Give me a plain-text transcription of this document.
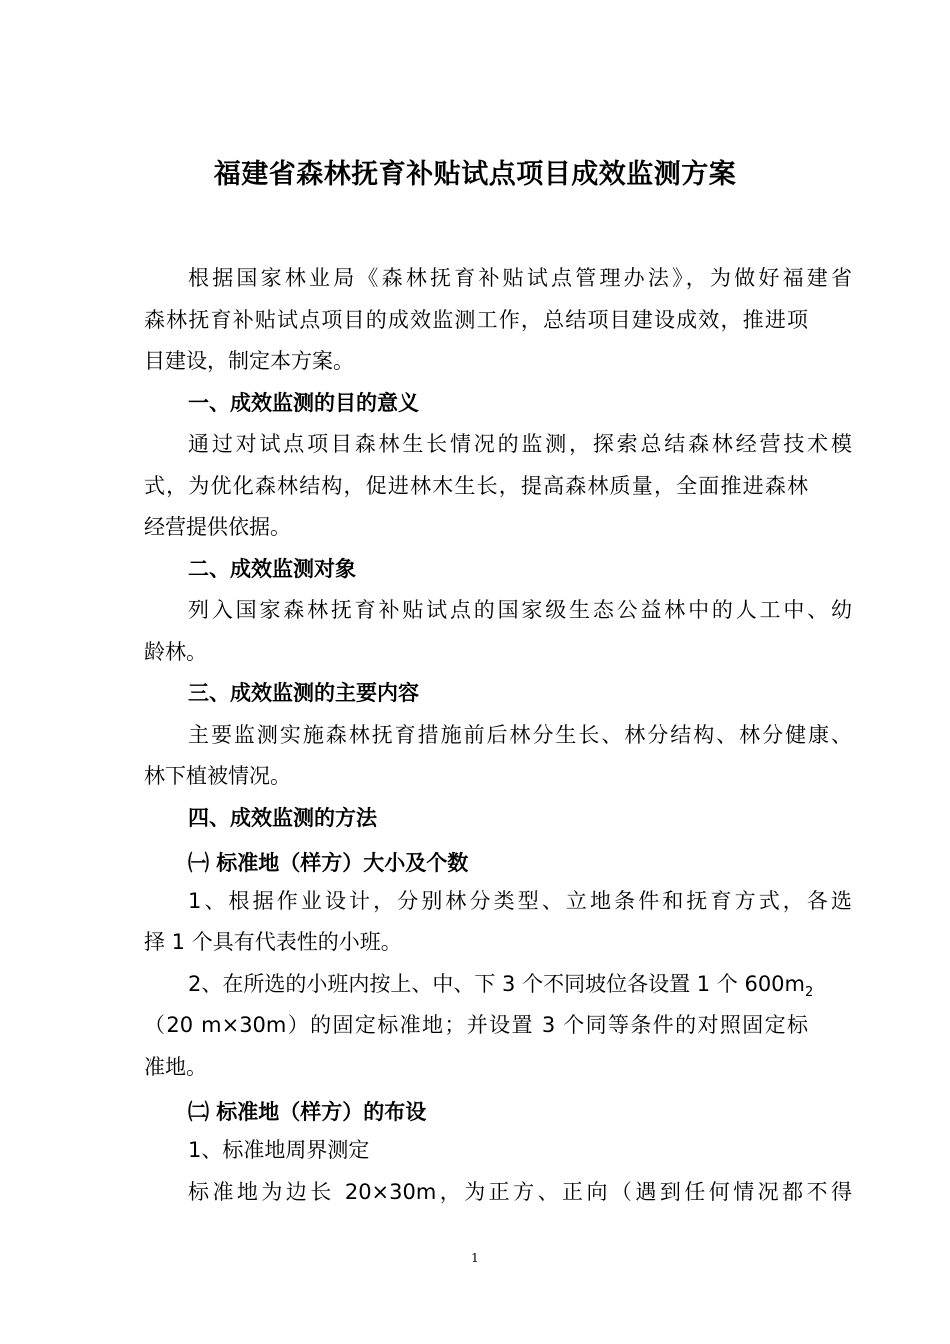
福建省森林抚育补贴试点项目成效监测方案
根据国家林业局《森林抚育补贴试点管理办法》，为做好福建省
森林抚育补贴试点项目的成效监测工作，总结项目建设成效，推进项
目建设，制定本方案。
一、成效监测的目的意义
通过对试点项目森林生长情况的监测，探索总结森林经营技术模
式，为优化森林结构，促进林木生长，提高森林质量，全面推进森林
经营提供依据。
二、成效监测对象
列入国家森林抚育补贴试点的国家级生态公益林中的人工中、幼
龄林。
三、成效监测的主要内容
主要监测实施森林抚育措施前后林分生长、林分结构、林分健康、
林下植被情况。
四、成效监测的方法
㈠ 标准地（样方）大小及个数
1、根据作业设计，分别林分类型、立地条件和抚育方式，各选
择 1 个具有代表性的小班。
2、在所选的小班内按上、中、下 3 个不同坡位各设置 1 个 $600m_2$
（20 m×30m）的固定标准地；并设置 3 个同等条件的对照固定标
准地。
㈡ 标准地（样方）的布设
1、标准地周界测定
标准地为边长 20×30m，为正方、正向（遇到任何情况都不得
1
